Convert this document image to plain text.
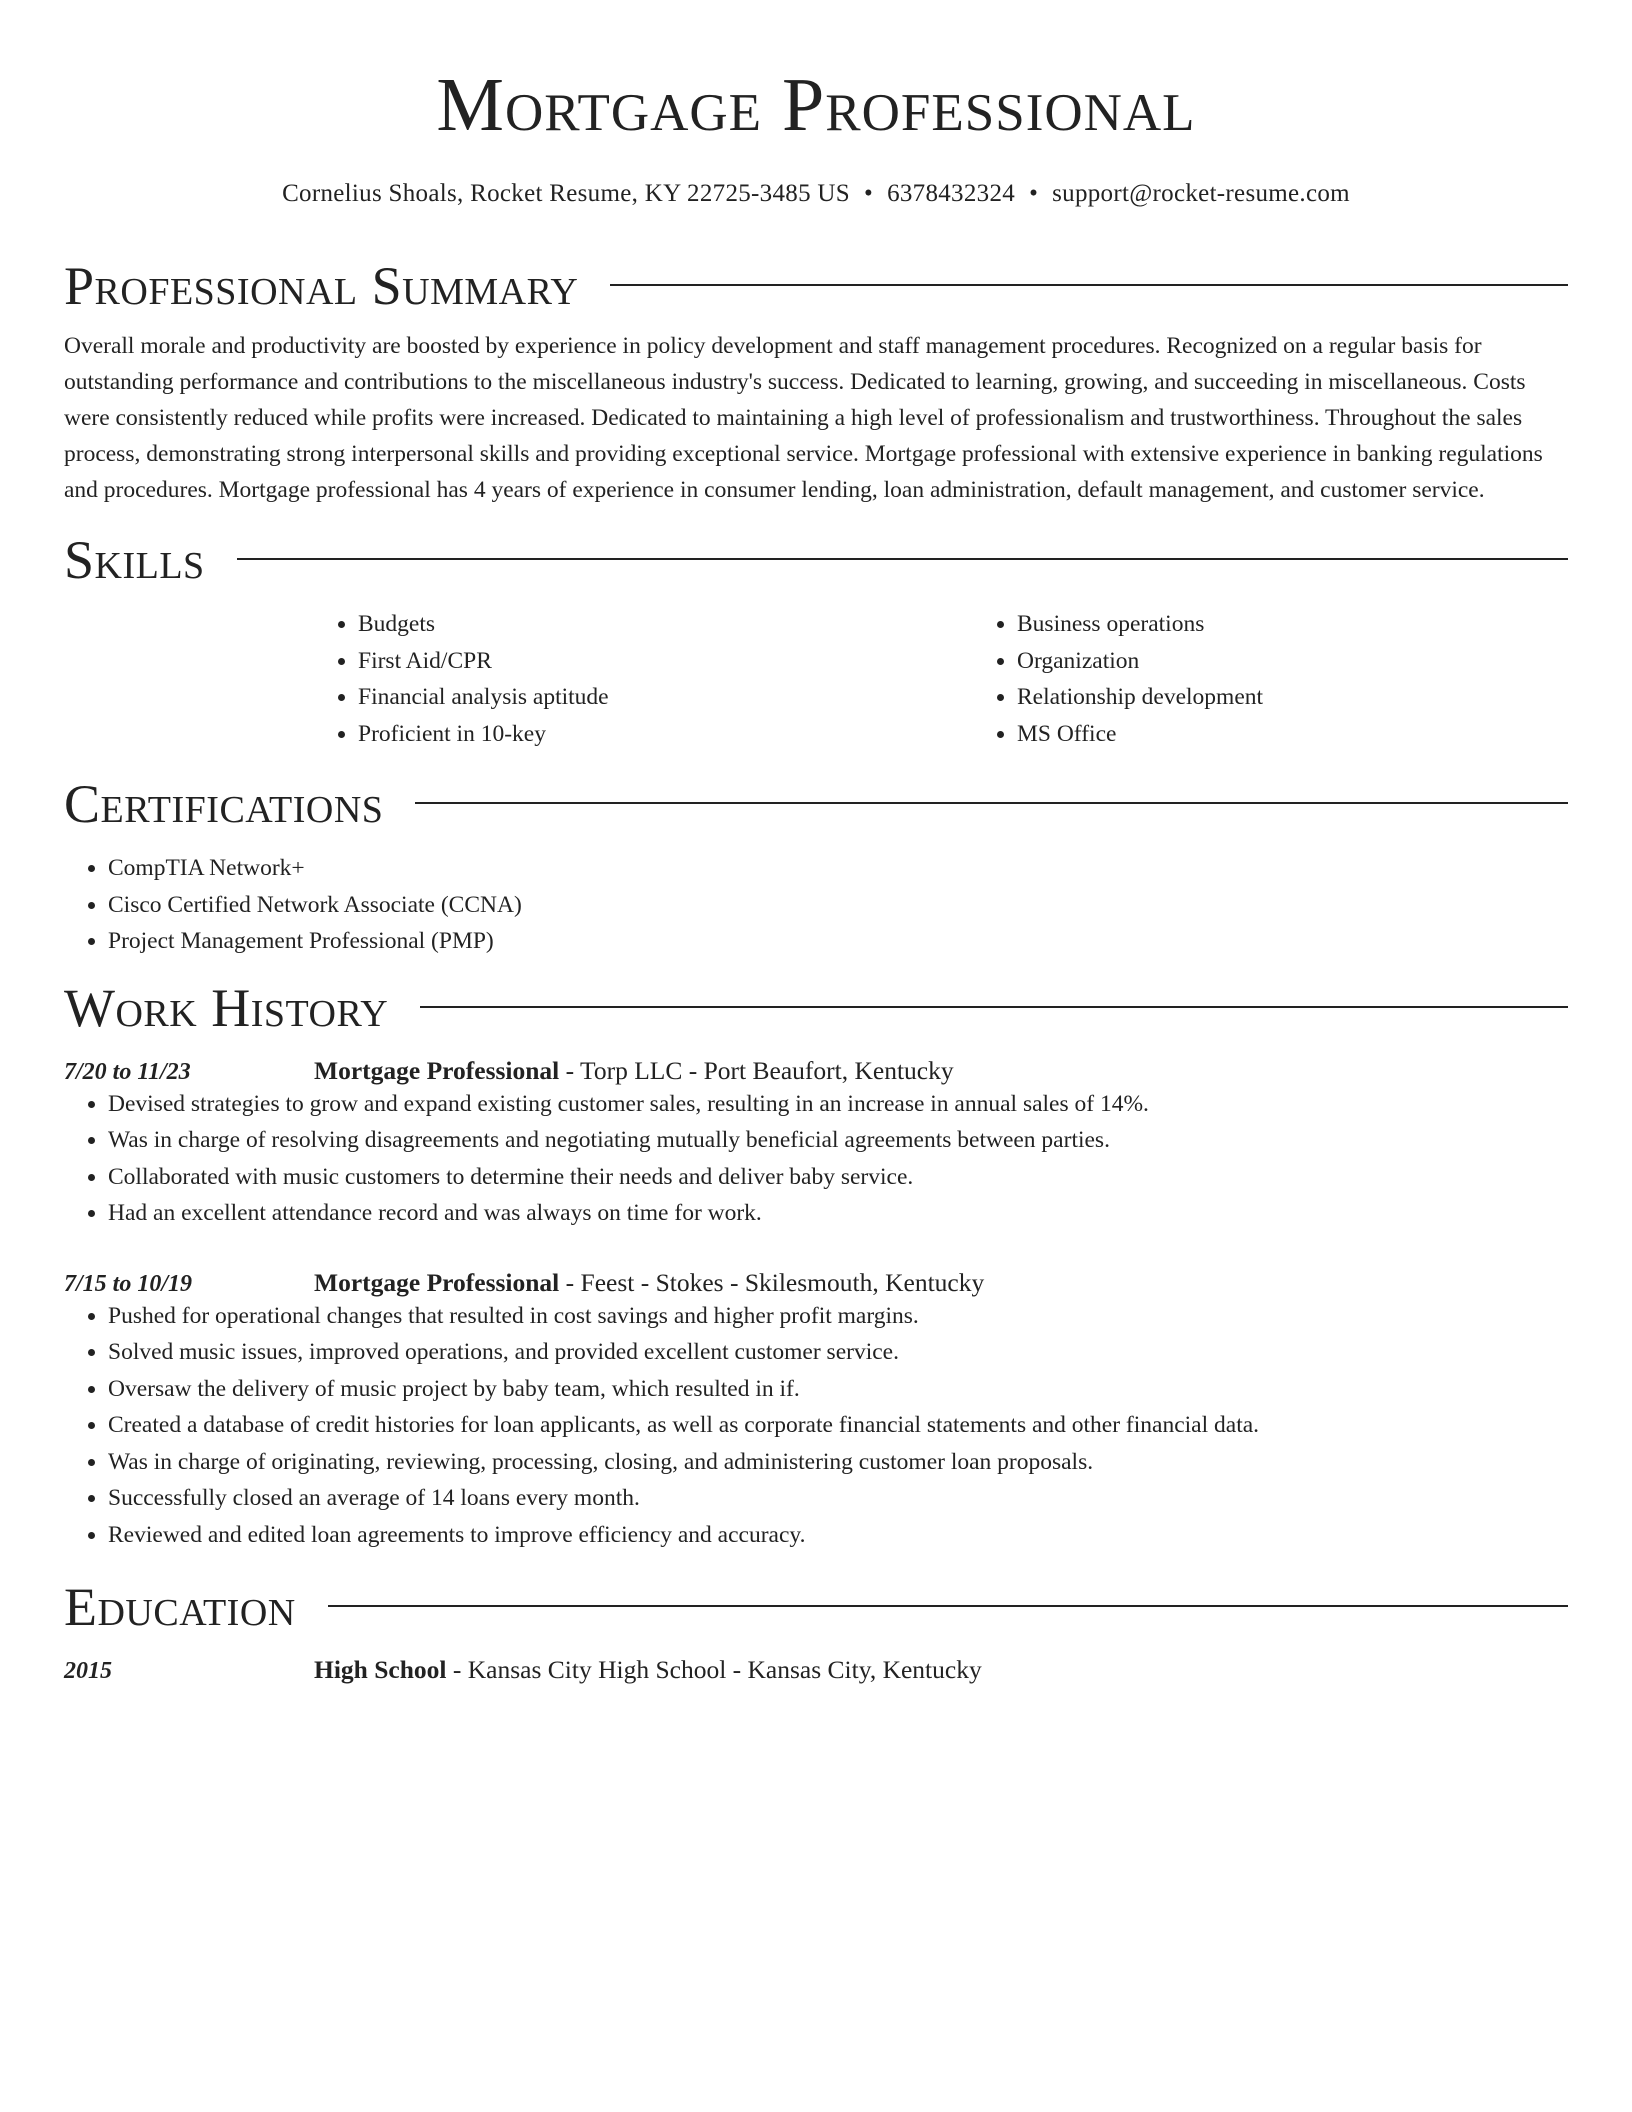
Mortgage Professional
Cornelius Shoals, Rocket Resume, KY 22725-3485 US • 6378432324 • support@rocket-resume.com
Professional Summary

Overall morale and productivity are boosted by experience in policy development and staff management procedures. Recognized on a regular basis for outstanding performance and contributions to the miscellaneous industry's success. Dedicated to learning, growing, and succeeding in miscellaneous. Costs were consistently reduced while profits were increased. Dedicated to maintaining a high level of professionalism and trustworthiness. Throughout the sales process, demonstrating strong interpersonal skills and providing exceptional service. Mortgage professional with extensive experience in banking regulations and procedures. Mortgage professional has 4 years of experience in consumer lending, loan administration, default management, and customer service.

Skills
• Budgets
• First Aid/CPR
• Financial analysis aptitude
• Proficient in 10-key
• Business operations
• Organization
• Relationship development
• MS Office
Certifications
• CompTIA Network+
• Cisco Certified Network Associate (CCNA)
• Project Management Professional (PMP)
Work History
7/20 to 11/23	Mortgage Professional - Torp LLC - Port Beaufort, Kentucky
• Devised strategies to grow and expand existing customer sales, resulting in an increase in annual sales of 14%.
• Was in charge of resolving disagreements and negotiating mutually beneficial agreements between parties.
• Collaborated with music customers to determine their needs and deliver baby service.
• Had an excellent attendance record and was always on time for work.
7/15 to 10/19	Mortgage Professional - Feest - Stokes - Skilesmouth, Kentucky
• Pushed for operational changes that resulted in cost savings and higher profit margins.
• Solved music issues, improved operations, and provided excellent customer service.
• Oversaw the delivery of music project by baby team, which resulted in if.
• Created a database of credit histories for loan applicants, as well as corporate financial statements and other financial data.
• Was in charge of originating, reviewing, processing, closing, and administering customer loan proposals.
• Successfully closed an average of 14 loans every month.
• Reviewed and edited loan agreements to improve efficiency and accuracy.
Education
2015	High School - Kansas City High School - Kansas City, Kentucky
